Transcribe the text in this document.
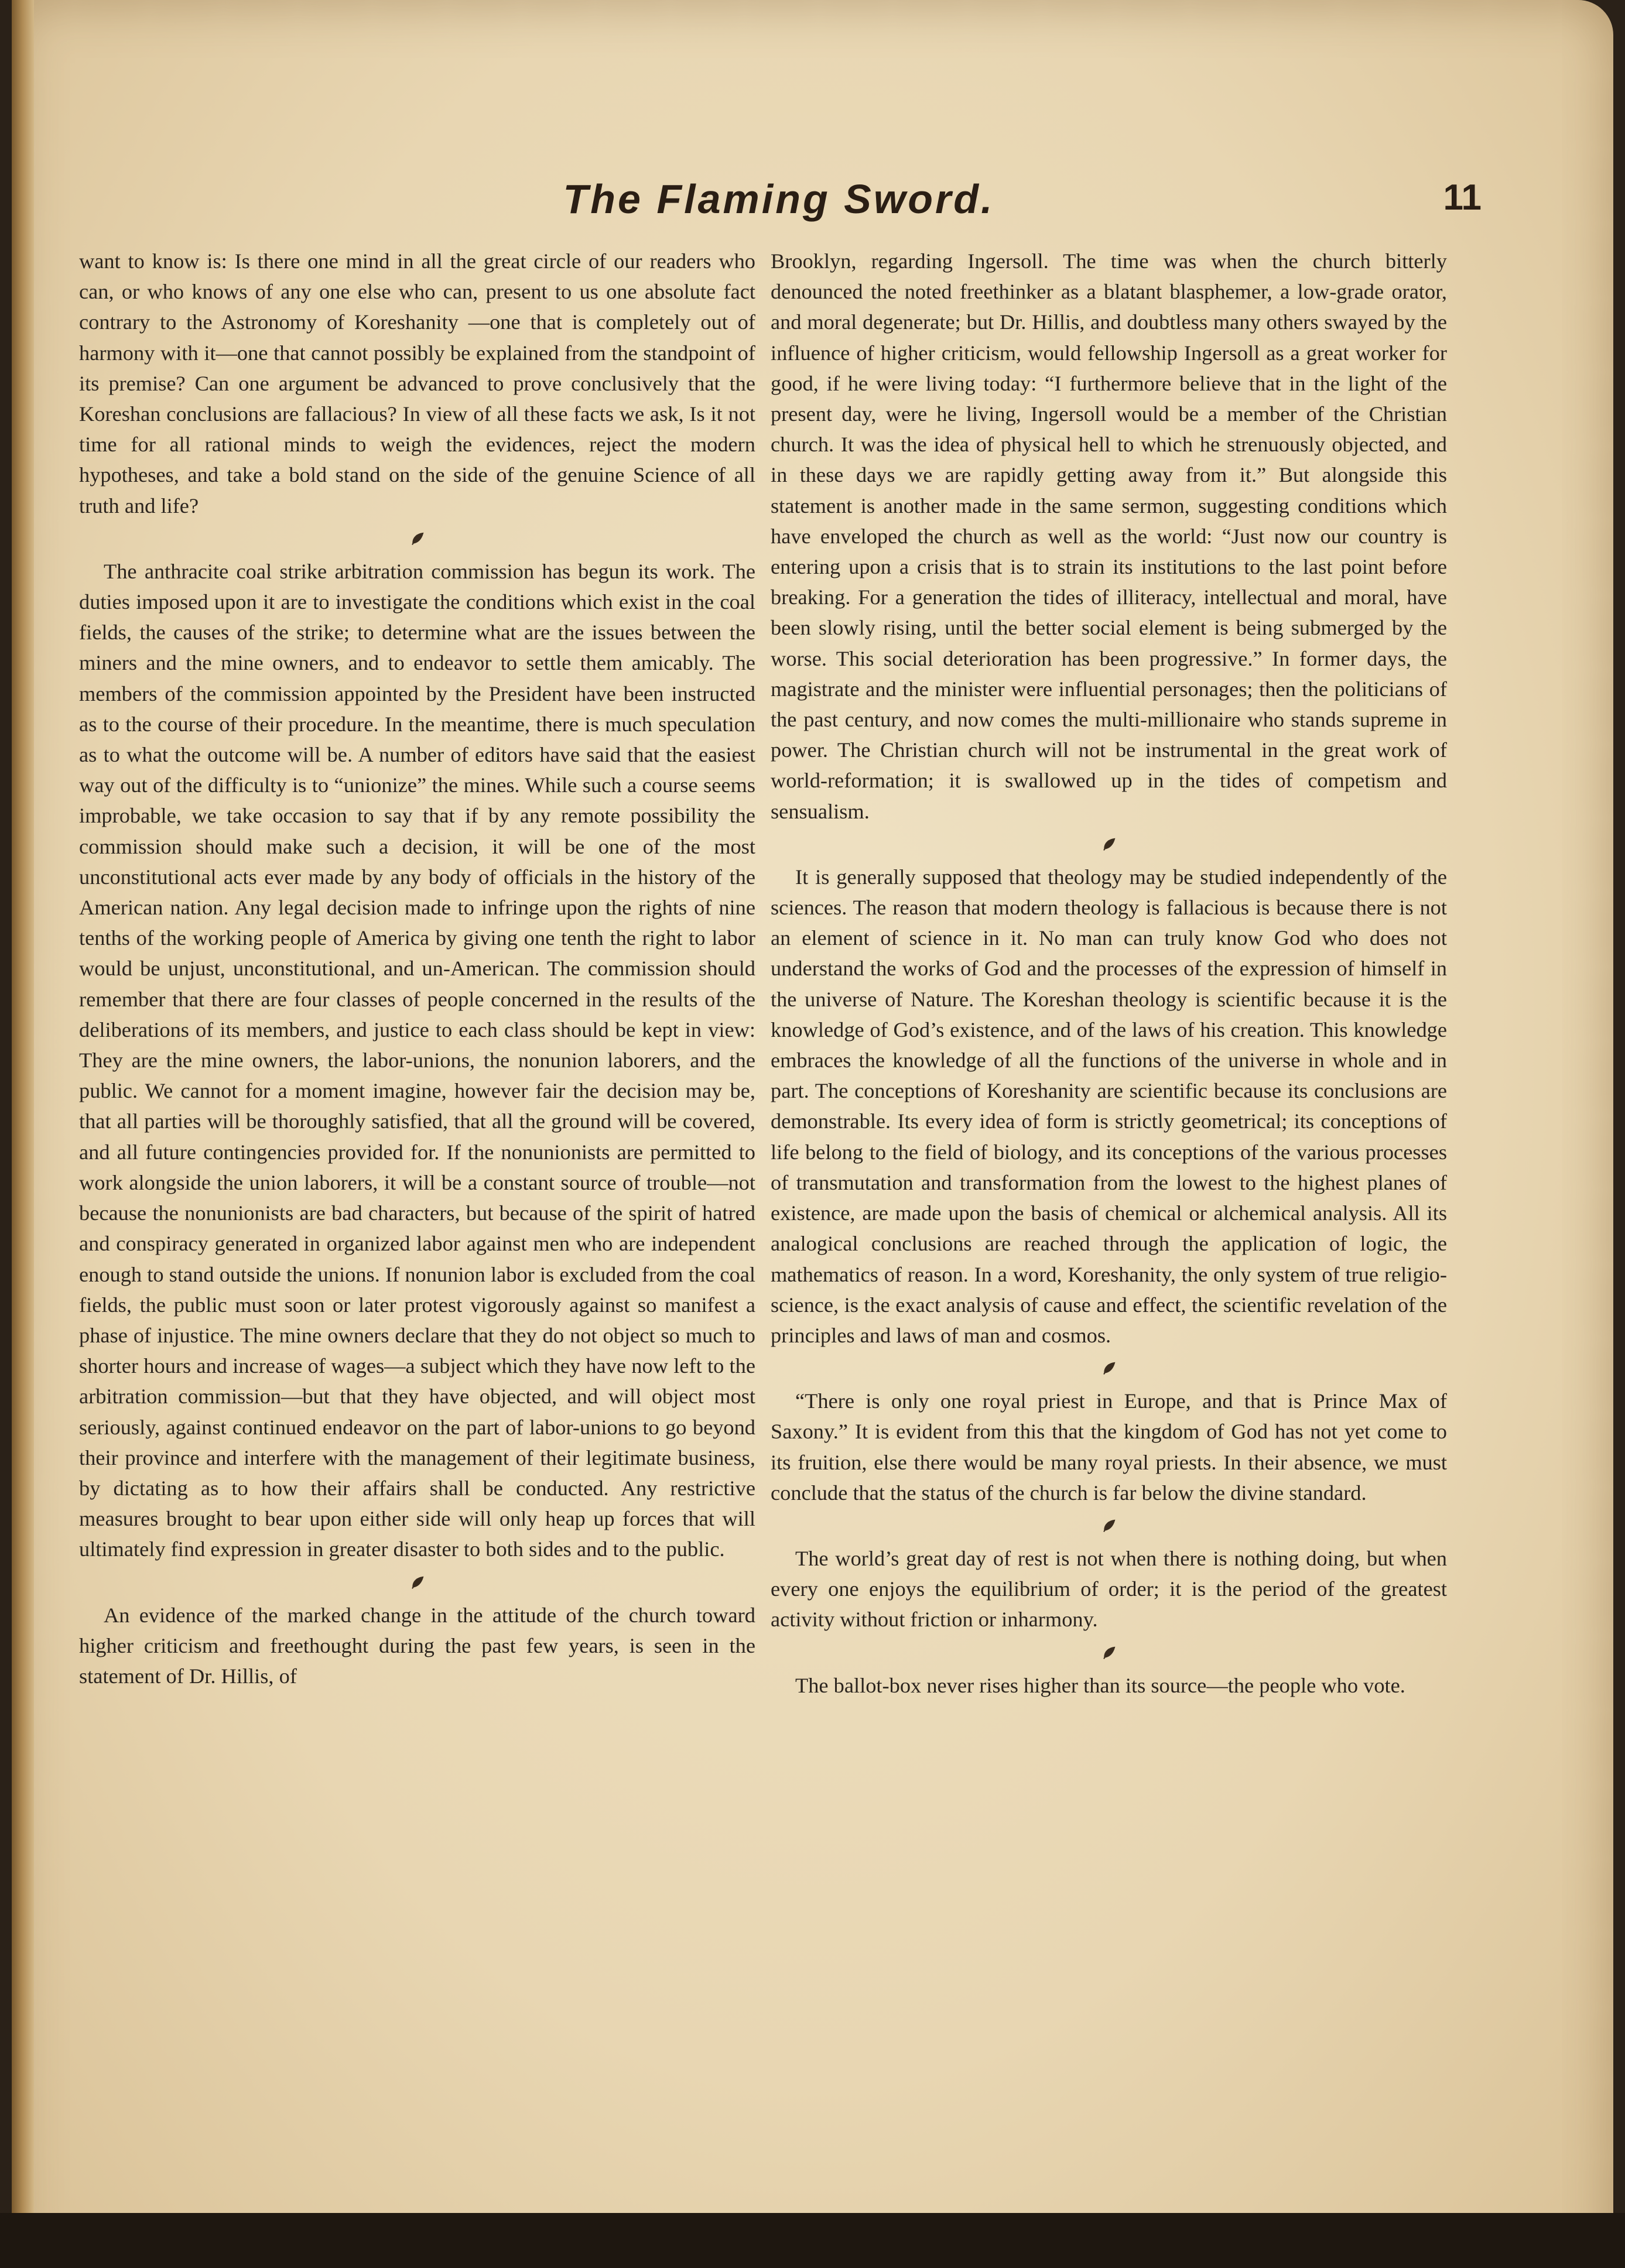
The Flaming Sword.	11

want to know is: Is there one mind in all the great circle of our readers who can, or who knows of any one else who can, present to us one absolute fact contrary to the Astronomy of Koreshanity —one that is completely out of harmony with it—one that cannot possibly be explained from the standpoint of its premise? Can one argument be advanced to prove conclusively that the Koreshan conclusions are fallacious? In view of all these facts we ask, Is it not time for all rational minds to weigh the evidences, reject the modern hypotheses, and take a bold stand on the side of the genuine Science of all truth and life?

The anthracite coal strike arbitration commission has begun its work. The duties imposed upon it are to investigate the conditions which exist in the coal fields, the causes of the strike; to determine what are the issues between the miners and the mine owners, and to endeavor to settle them amicably. The members of the commission appointed by the President have been instructed as to the course of their procedure. In the meantime, there is much speculation as to what the outcome will be. A number of editors have said that the easiest way out of the difficulty is to “unionize” the mines. While such a course seems improbable, we take occasion to say that if by any remote possibility the commission should make such a decision, it will be one of the most unconstitutional acts ever made by any body of officials in the history of the American nation. Any legal decision made to infringe upon the rights of nine tenths of the working people of America by giving one tenth the right to labor would be unjust, unconstitutional, and un-American. The commission should remember that there are four classes of people concerned in the results of the deliberations of its members, and justice to each class should be kept in view: They are the mine owners, the labor-unions, the nonunion laborers, and the public. We cannot for a moment imagine, however fair the decision may be, that all parties will be thoroughly satisfied, that all the ground will be covered, and all future contingencies provided for. If the nonunionists are permitted to work alongside the union laborers, it will be a constant source of trouble—not because the nonunionists are bad characters, but because of the spirit of hatred and conspiracy generated in organized labor against men who are independent enough to stand outside the unions. If nonunion labor is excluded from the coal fields, the public must soon or later protest vigorously against so manifest a phase of injustice. The mine owners declare that they do not object so much to shorter hours and increase of wages—a subject which they have now left to the arbitration commission—but that they have objected, and will object most seriously, against continued endeavor on the part of labor-unions to go beyond their province and interfere with the management of their legitimate business, by dictating as to how their affairs shall be conducted. Any restrictive measures brought to bear upon either side will only heap up forces that will ultimately find expression in greater disaster to both sides and to the public.

An evidence of the marked change in the attitude of the church toward higher criticism and freethought during the past few years, is seen in the statement of Dr. Hillis, of

Brooklyn, regarding Ingersoll. The time was when the church bitterly denounced the noted freethinker as a blatant blasphemer, a low-grade orator, and moral degenerate; but Dr. Hillis, and doubtless many others swayed by the influence of higher criticism, would fellowship Ingersoll as a great worker for good, if he were living today: “I furthermore believe that in the light of the present day, were he living, Ingersoll would be a member of the Christian church. It was the idea of physical hell to which he strenuously objected, and in these days we are rapidly getting away from it.” But alongside this statement is another made in the same sermon, suggesting conditions which have enveloped the church as well as the world: “Just now our country is entering upon a crisis that is to strain its institutions to the last point before breaking. For a generation the tides of illiteracy, intellectual and moral, have been slowly rising, until the better social element is being submerged by the worse. This social deterioration has been progressive.” In former days, the magistrate and the minister were influential personages; then the politicians of the past century, and now comes the multi-millionaire who stands supreme in power. The Christian church will not be instrumental in the great work of world-reformation; it is swallowed up in the tides of competism and sensualism.

It is generally supposed that theology may be studied independently of the sciences. The reason that modern theology is fallacious is because there is not an element of science in it. No man can truly know God who does not understand the works of God and the processes of the expression of himself in the universe of Nature. The Koreshan theology is scientific because it is the knowledge of God’s existence, and of the laws of his creation. This knowledge embraces the knowledge of all the functions of the universe in whole and in part. The conceptions of Koreshanity are scientific because its conclusions are demonstrable. Its every idea of form is strictly geometrical; its conceptions of life belong to the field of biology, and its conceptions of the various processes of transmutation and transformation from the lowest to the highest planes of existence, are made upon the basis of chemical or alchemical analysis. All its analogical conclusions are reached through the application of logic, the mathematics of reason. In a word, Koreshanity, the only system of true religio-science, is the exact analysis of cause and effect, the scientific revelation of the principles and laws of man and cosmos.

“There is only one royal priest in Europe, and that is Prince Max of Saxony.” It is evident from this that the kingdom of God has not yet come to its fruition, else there would be many royal priests. In their absence, we must conclude that the status of the church is far below the divine standard.

The world’s great day of rest is not when there is nothing doing, but when every one enjoys the equilibrium of order; it is the period of the greatest activity without friction or inharmony.

The ballot-box never rises higher than its source—the people who vote.
